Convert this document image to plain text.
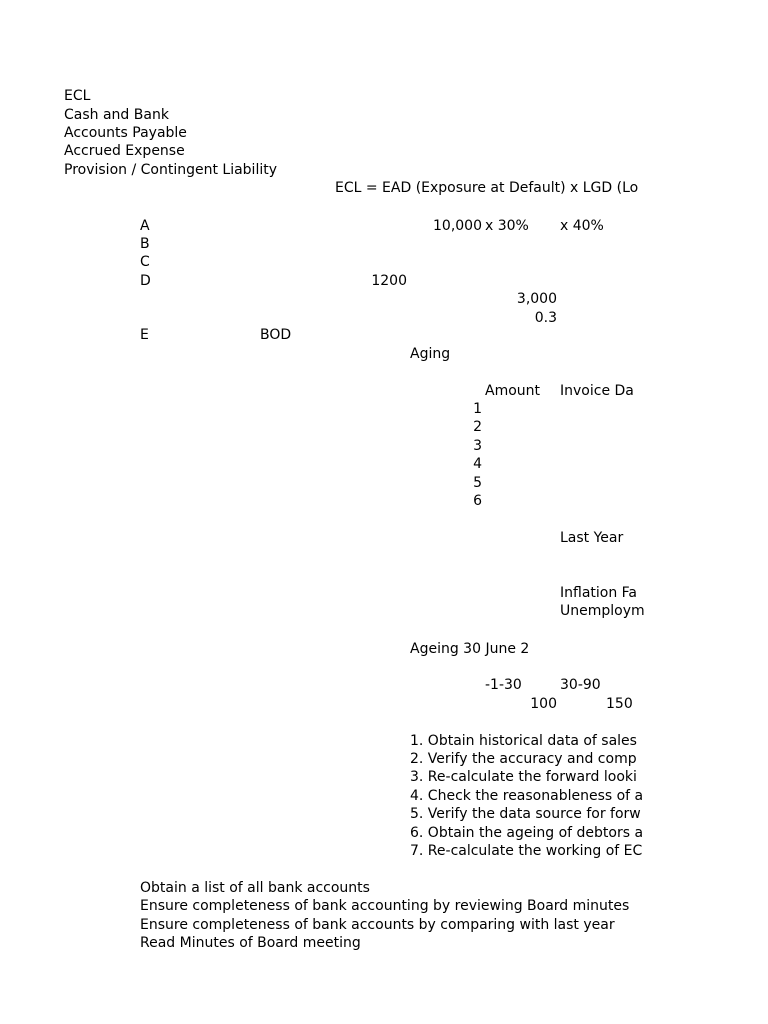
ECL
Cash and Bank
Accounts Payable
Accrued Expense
Provision / Contingent Liability
ECL = EAD (Exposure at Default) x LGD (Lo
A
B
C
D
E
10,000 x 30% x 40%
1200
3,000
0.3
BOD
Aging
Amount Invoice Da
1
2
3
4
5
6
Last Year
Inflation Fa
Unemploym
Ageing 30 June 2
-1-30	30-90
100	150
1. Obtain historical data of sales
2. Verify the accuracy and comp
3. Re-calculate the forward looki
4. Check the reasonableness of a
5. Verify the data source for forw
6. Obtain the ageing of debtors a
7. Re-calculate the working of EC
Obtain a list of all bank accounts
Ensure completeness of bank accounting by reviewing Board minutes
Ensure completeness of bank accounts by comparing with last year
Read Minutes of Board meeting
